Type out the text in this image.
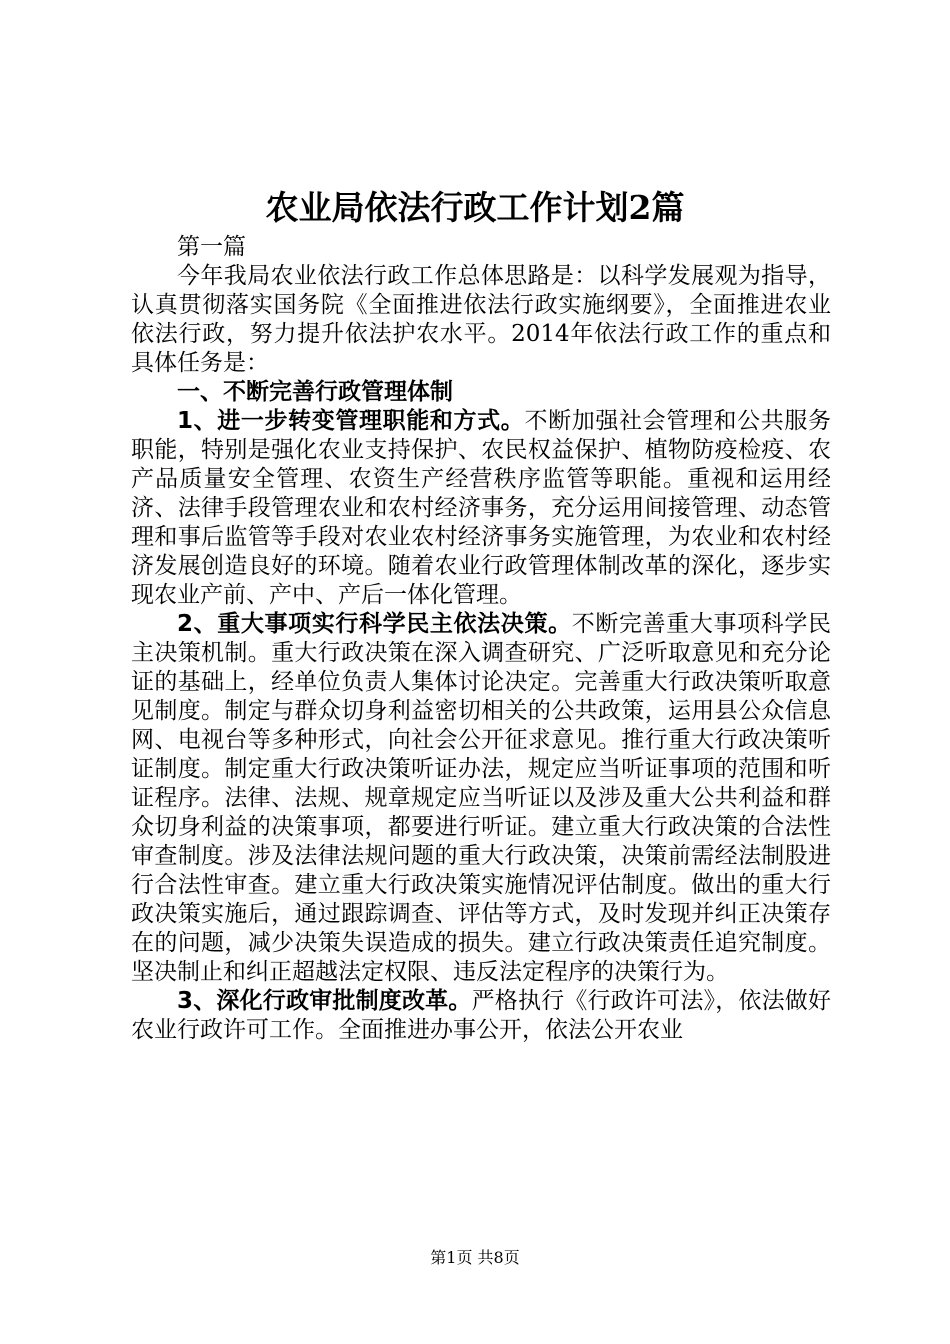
农业局依法行政工作计划2篇

第一篇

今年我局农业依法行政工作总体思路是：以科学发展观为指导，认真贯彻落实国务院《全面推进依法行政实施纲要》，全面推进农业依法行政，努力提升依法护农水平。2014年依法行政工作的重点和具体任务是：

一、不断完善行政管理体制

1、进一步转变管理职能和方式。不断加强社会管理和公共服务职能，特别是强化农业支持保护、农民权益保护、植物防疫检疫、农产品质量安全管理、农资生产经营秩序监管等职能。重视和运用经济、法律手段管理农业和农村经济事务，充分运用间接管理、动态管理和事后监管等手段对农业农村经济事务实施管理，为农业和农村经济发展创造良好的环境。随着农业行政管理体制改革的深化，逐步实现农业产前、产中、产后一体化管理。

2、重大事项实行科学民主依法决策。不断完善重大事项科学民主决策机制。重大行政决策在深入调查研究、广泛听取意见和充分论证的基础上，经单位负责人集体讨论决定。完善重大行政决策听取意见制度。制定与群众切身利益密切相关的公共政策，运用县公众信息网、电视台等多种形式，向社会公开征求意见。推行重大行政决策听证制度。制定重大行政决策听证办法，规定应当听证事项的范围和听证程序。法律、法规、规章规定应当听证以及涉及重大公共利益和群众切身利益的决策事项，都要进行听证。建立重大行政决策的合法性审查制度。涉及法律法规问题的重大行政决策，决策前需经法制股进行合法性审查。建立重大行政决策实施情况评估制度。做出的重大行政决策实施后，通过跟踪调查、评估等方式，及时发现并纠正决策存在的问题，减少决策失误造成的损失。建立行政决策责任追究制度。坚决制止和纠正超越法定权限、违反法定程序的决策行为。

3、深化行政审批制度改革。严格执行《行政许可法》，依法做好农业行政许可工作。全面推进办事公开，依法公开农业

第1页 共8页
